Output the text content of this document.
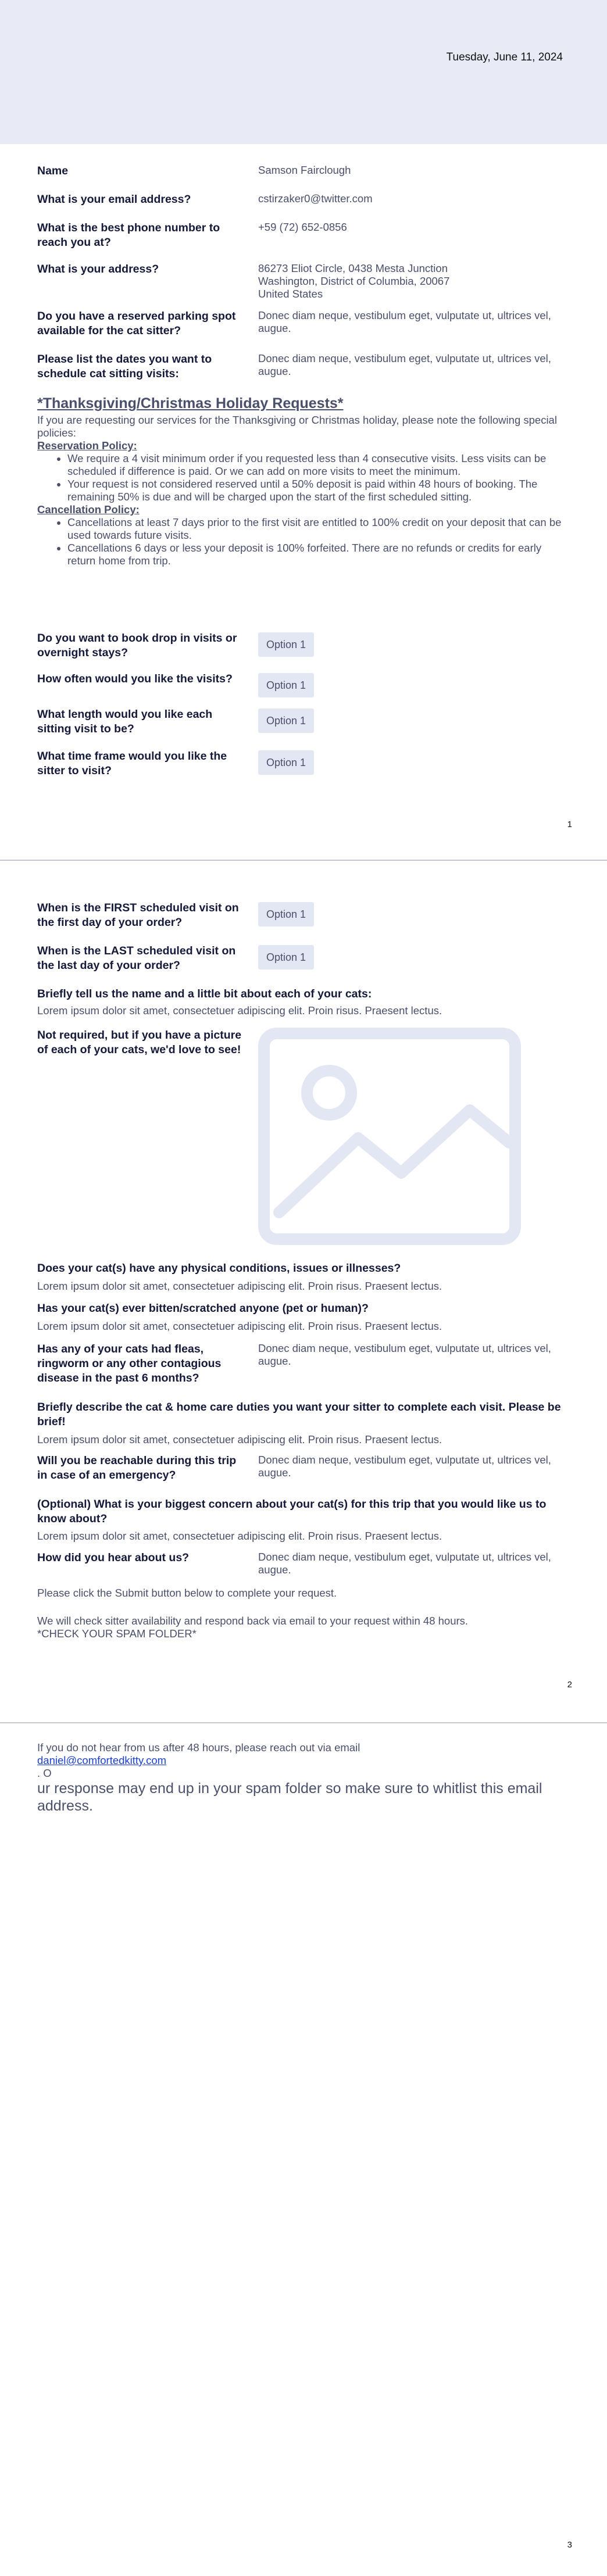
Tuesday, June 11, 2024
Name	Samson Fairclough
What is your email address?	cstirzaker0@twitter.com
What is the best phone number to reach you at?
+59 (72) 652-0856
What is your address?	86273 Eliot Circle, 0438 Mesta Junction
Washington, District of Columbia, 20067
United States
Do you have a reserved parking spot available for the cat sitter?
Donec diam neque, vestibulum eget, vulputate ut, ultrices vel, augue.
Please list the dates you want to schedule cat sitting visits:
Donec diam neque, vestibulum eget, vulputate ut, ultrices vel, augue.
*Thanksgiving/Christmas Holiday Requests*
If you are requesting our services for the Thanksgiving or Christmas holiday, please note the following special policies:
Reservation Policy:
• We require a 4 visit minimum order if you requested less than 4 consecutive visits. Less visits can be scheduled if difference is paid. Or we can add on more visits to meet the minimum.
• Your request is not considered reserved until a 50% deposit is paid within 48 hours of booking. The remaining 50% is due and will be charged upon the start of the first scheduled sitting.
Cancellation Policy:
• Cancellations at least 7 days prior to the first visit are entitled to 100% credit on your deposit that can be used towards future visits.
• Cancellations 6 days or less your deposit is 100% forfeited. There are no refunds or credits for early return home from trip.
Do you want to book drop in visits or overnight stays?
Option 1
How often would you like the visits?	Option 1
What length would you like each sitting visit to be?
Option 1
What time frame would you like the sitter to visit?
Option 1
1
When is the FIRST scheduled visit on the first day of your order?
Option 1
When is the LAST scheduled visit on the last day of your order?
Option 1
Briefly tell us the name and a little bit about each of your cats:
Lorem ipsum dolor sit amet, consectetuer adipiscing elit. Proin risus. Praesent lectus.
Not required, but if you have a picture of each of your cats, we'd love to see!
Does your cat(s) have any physical conditions, issues or illnesses?
Lorem ipsum dolor sit amet, consectetuer adipiscing elit. Proin risus. Praesent lectus.
Has your cat(s) ever bitten/scratched anyone (pet or human)?
Lorem ipsum dolor sit amet, consectetuer adipiscing elit. Proin risus. Praesent lectus.
Has any of your cats had fleas, ringworm or any other contagious disease in the past 6 months?
Donec diam neque, vestibulum eget, vulputate ut, ultrices vel, augue.
Briefly describe the cat & home care duties you want your sitter to complete each visit. Please be brief!
Lorem ipsum dolor sit amet, consectetuer adipiscing elit. Proin risus. Praesent lectus.
Will you be reachable during this trip in case of an emergency?
Donec diam neque, vestibulum eget, vulputate ut, ultrices vel, augue.
(Optional) What is your biggest concern about your cat(s) for this trip that you would like us to know about?
Lorem ipsum dolor sit amet, consectetuer adipiscing elit. Proin risus. Praesent lectus.
How did you hear about us?	Donec diam neque, vestibulum eget, vulputate ut, ultrices vel, augue.
Please click the Submit button below to complete your request.
We will check sitter availability and respond back via email to your request within 48 hours.
*CHECK YOUR SPAM FOLDER*
2
If you do not hear from us after 48 hours, please reach out via email
daniel@comfortedkitty.com
. O
ur response may end up in your spam folder so make sure to whitlist this email address.
3
